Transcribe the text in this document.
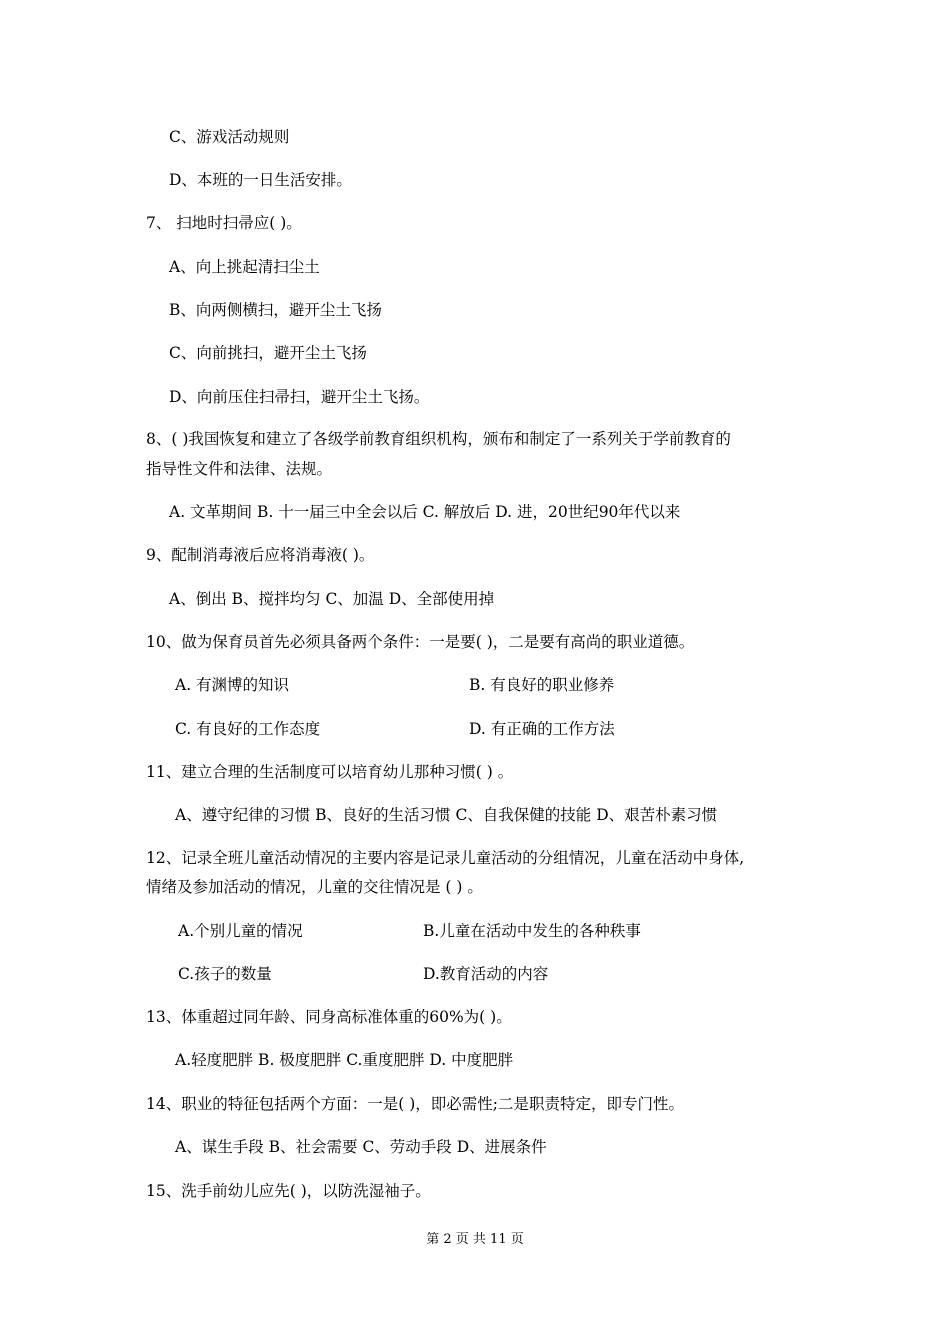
C、游戏活动规则
D、本班的一日生活安排。
7、 扫地时扫帚应( )。
A、向上挑起清扫尘土
B、向两侧横扫，避开尘土飞扬
C、向前挑扫，避开尘土飞扬
D、向前压住扫帚扫，避开尘土飞扬。
8、( )我国恢复和建立了各级学前教育组织机构，颁布和制定了一系列关于学前教育的
指导性文件和法律、法规。
A. 文革期间 B. 十一届三中全会以后 C. 解放后 D. 进，20世纪90年代以来
9、配制消毒液后应将消毒液( )。
A、倒出 B、搅拌均匀 C、加温 D、全部使用掉
10、做为保育员首先必须具备两个条件：一是要( )，二是要有高尚的职业道德。
A. 有渊博的知识	B. 有良好的职业修养
C. 有良好的工作态度	D. 有正确的工作方法
11、建立合理的生活制度可以培育幼儿那种习惯( ) 。
A、遵守纪律的习惯 B、良好的生活习惯 C、自我保健的技能 D、艰苦朴素习惯
12、记录全班儿童活动情况的主要内容是记录儿童活动的分组情况，儿童在活动中身体,
情绪及参加活动的情况，儿童的交往情况是 ( ) 。
A.个别儿童的情况	B.儿童在活动中发生的各种秩事
C.孩子的数量	D.教育活动的内容
13、体重超过同年龄、同身高标准体重的60%为( )。
A.轻度肥胖 B. 极度肥胖 C.重度肥胖 D. 中度肥胖
14、职业的特征包括两个方面：一是( )，即必需性;二是职责特定，即专门性。
A、谋生手段 B、社会需要 C、劳动手段 D、进展条件
15、洗手前幼儿应先( )，以防洗湿袖子。
第 2 页 共 11 页
